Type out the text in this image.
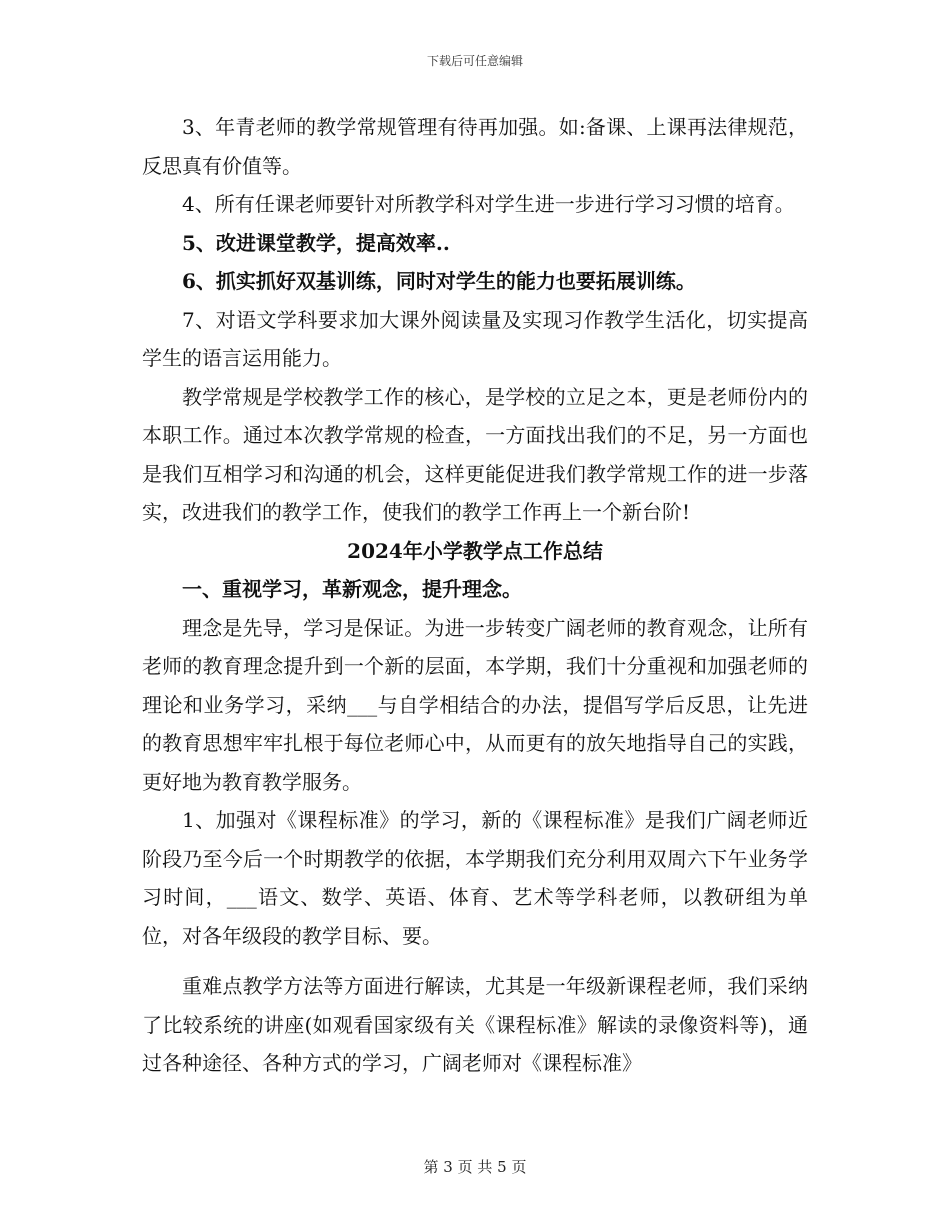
下载后可任意编辑

3、年青老师的教学常规管理有待再加强。如:备课、上课再法律规范，反思真有价值等。

4、所有任课老师要针对所教学科对学生进一步进行学习习惯的培育。

5、改进课堂教学，提高效率..

6、抓实抓好双基训练，同时对学生的能力也要拓展训练。

7、对语文学科要求加大课外阅读量及实现习作教学生活化，切实提高学生的语言运用能力。

教学常规是学校教学工作的核心，是学校的立足之本，更是老师份内的本职工作。通过本次教学常规的检查，一方面找出我们的不足，另一方面也是我们互相学习和沟通的机会，这样更能促进我们教学常规工作的进一步落实，改进我们的教学工作，使我们的教学工作再上一个新台阶!

2024年小学教学点工作总结

一、重视学习，革新观念，提升理念。

理念是先导，学习是保证。为进一步转变广阔老师的教育观念，让所有老师的教育理念提升到一个新的层面，本学期，我们十分重视和加强老师的理论和业务学习，采纳___与自学相结合的办法，提倡写学后反思，让先进的教育思想牢牢扎根于每位老师心中，从而更有的放矢地指导自己的实践，更好地为教育教学服务。

1、加强对《课程标准》的学习，新的《课程标准》是我们广阔老师近阶段乃至今后一个时期教学的依据，本学期我们充分利用双周六下午业务学习时间，___语文、数学、英语、体育、艺术等学科老师，以教研组为单位，对各年级段的教学目标、要。

重难点教学方法等方面进行解读，尤其是一年级新课程老师，我们采纳了比较系统的讲座(如观看国家级有关《课程标准》解读的录像资料等)，通过各种途径、各种方式的学习，广阔老师对《课程标准》

第 3 页 共 5 页
